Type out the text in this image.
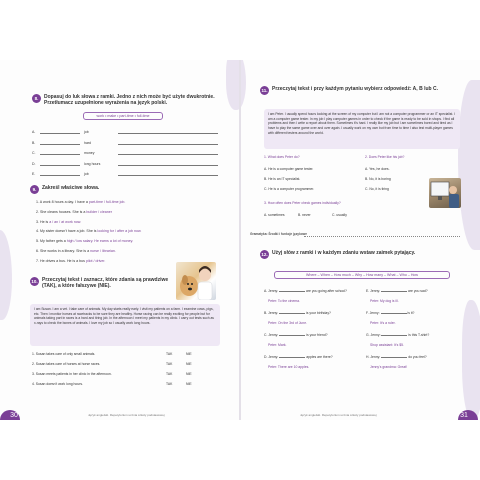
8.	Dopasuj do luk słowa z ramki. Jedno z nich może być użyte dwukrotnie. Przetłumacz uzupełnione wyrażenia na język polski.
work • make • part-time • full-time
A.	job
B.	hard
C.	money
D.	long hours
E.	job
9.	Zakreśl właściwe słowa.
1. A work 8 hours a day. I have a part-time / full-time job.
2. She cleans houses. She is a builder / cleaner
3. He is a / an / at work now.
4. My sister doesn't have a job. She is looking for / after a job now.
5. My father gets a high / low salary. He earns a lot of money.
6. She works in a library. She is a nurse / librarian.
7. He drives a bus. He is a bus pilot / driver.
10. Przeczytaj tekst i zaznacz, które zdania są prawdziwe (TAK), a które fałszywe (NIE).
I am Susan. I am a vet. I take care of animals. My day starts really early. I visit my patients on a farm. I examine cows, pigs, etc. Then I monitor horses at racetracks to be sure they are healthy. Horse racing can be really exciting for people but for animals taking part in races is a hard and tiring job. In the afternoon I meet my patients in my clinic. I carry out tests such as x-rays to check the bones of animals. I love my job so I usually work long hours.
1. Susan takes care of only small animals.	TAK	NIE
2. Susan takes care of horses at horse races.	TAK	NIE
3. Susan meets patients in her clinic in the afternoon.	TAK	NIE
4. Susan doesn't work long hours.	TAK	NIE
30	Język angielski. Repetytorium ucznia szkoły podstawowej
11. Przeczytaj tekst i przy każdym pytaniu wybierz odpowiedź: A, B lub C.
I am Peter. I usually spend hours looking at the screen of my computer but I am not a computer programmer or an IT specialist. I am a computer game tester. In my job I play computer games in order to check if the game is ready to be sold in shops. I find all problems and then I write a report about them. Sometimes it's hard. I really like my job but I am sometimes bored and tired as I have to play the same game over and over again. I usually work on my own but from time to time I also test multi-player games with different testers around the world.
1. What does Peter do?
A. He is a computer game tester.
B. He is an IT specialist.
C. He is a computer programmer.
2. Does Peter like his job?
A. Yes, he does.
B. No, it is boring
C. No, it is tiring
3. How often does Peter check games individually?
A. sometimes	B. never	C. usually
Gramatyka: Środki i funkcje językowe
12. Użyj słów z ramki i w każdym zdaniu wstaw zaimek pytający.
Where – When – How much – Why – How many – What – Who – How
A. Jenny:	are you going after school?
Peter: To the cinema.
B. Jenny:	is your birthday?
Peter: On the 3rd of June.
C. Jenny:	is your friend?
Peter: Mark.
D. Jenny:	apples are there?
Peter: There are 10 apples.
E. Jenny:	are you sad?
Peter: My dog is ill.
F. Jenny:	is it?
Peter: It's a ruler.
G. Jenny:	is this T-shirt?
Shop assistant: It's $5.
H. Jenny:	do you feel?
Jenny's grandma: Great!
31
Język angielski. Repetytorium ucznia szkoły podstawowej
